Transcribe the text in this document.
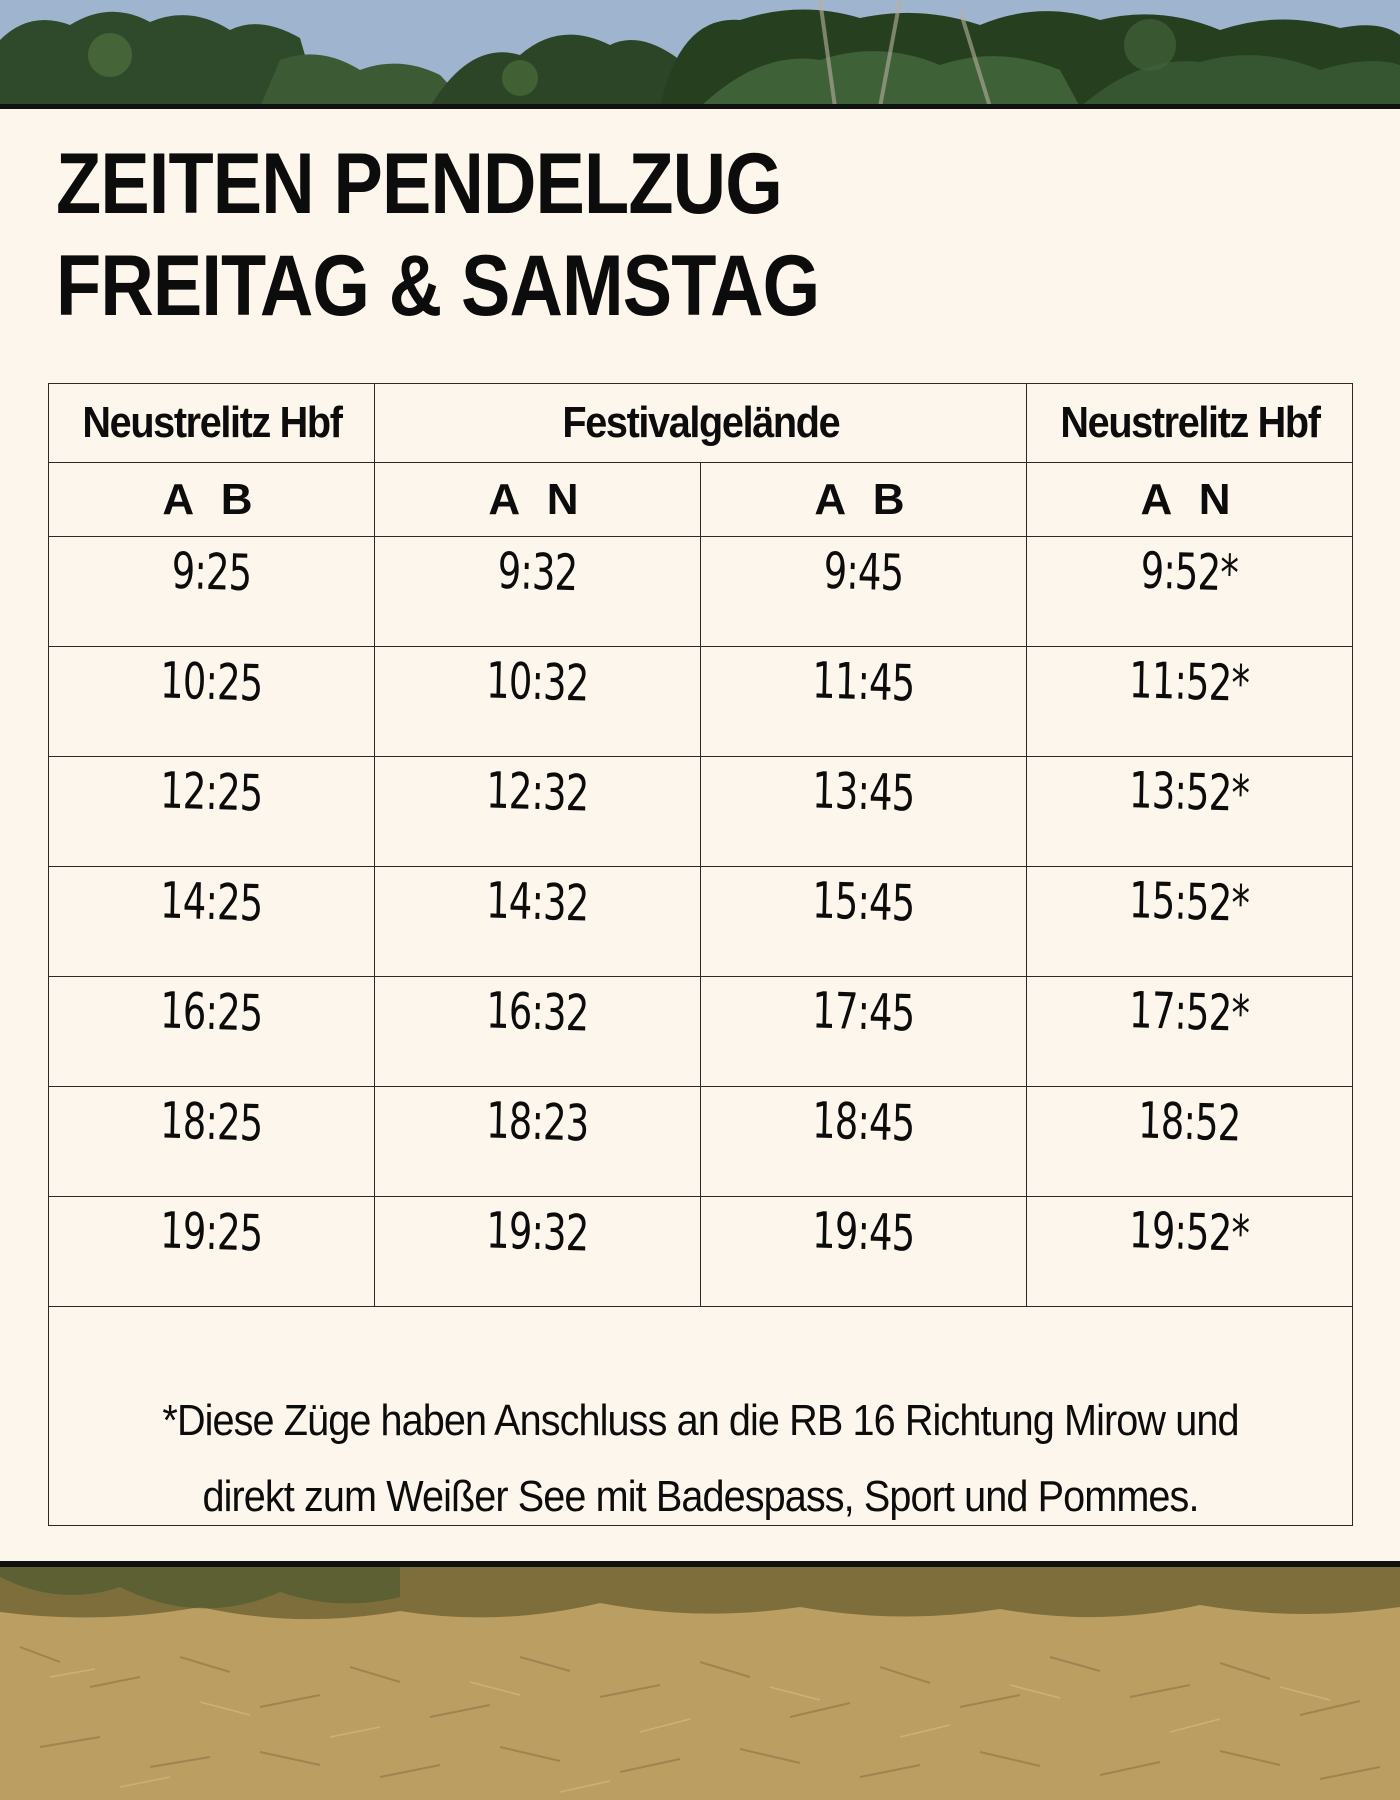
ZEITEN PENDELZUG
FREITAG & SAMSTAG
Neustrelitz Hbf	Festivalgelände		Neustrelitz Hbf
A B	A N	A B	A N
9:25	9:32	9:45	9:52*
10:25	10:32	11:45	11:52*
12:25	12:32	13:45	13:52*
14:25	14:32	15:45	15:52*
16:25	16:32	17:45	17:52*
18:25	18:23	18:45	18:52
19:25	19:32	19:45	19:52*
*Diese Züge haben Anschluss an die RB 16 Richtung Mirow und direkt zum Weißer See mit Badespass, Sport und Pommes.			
